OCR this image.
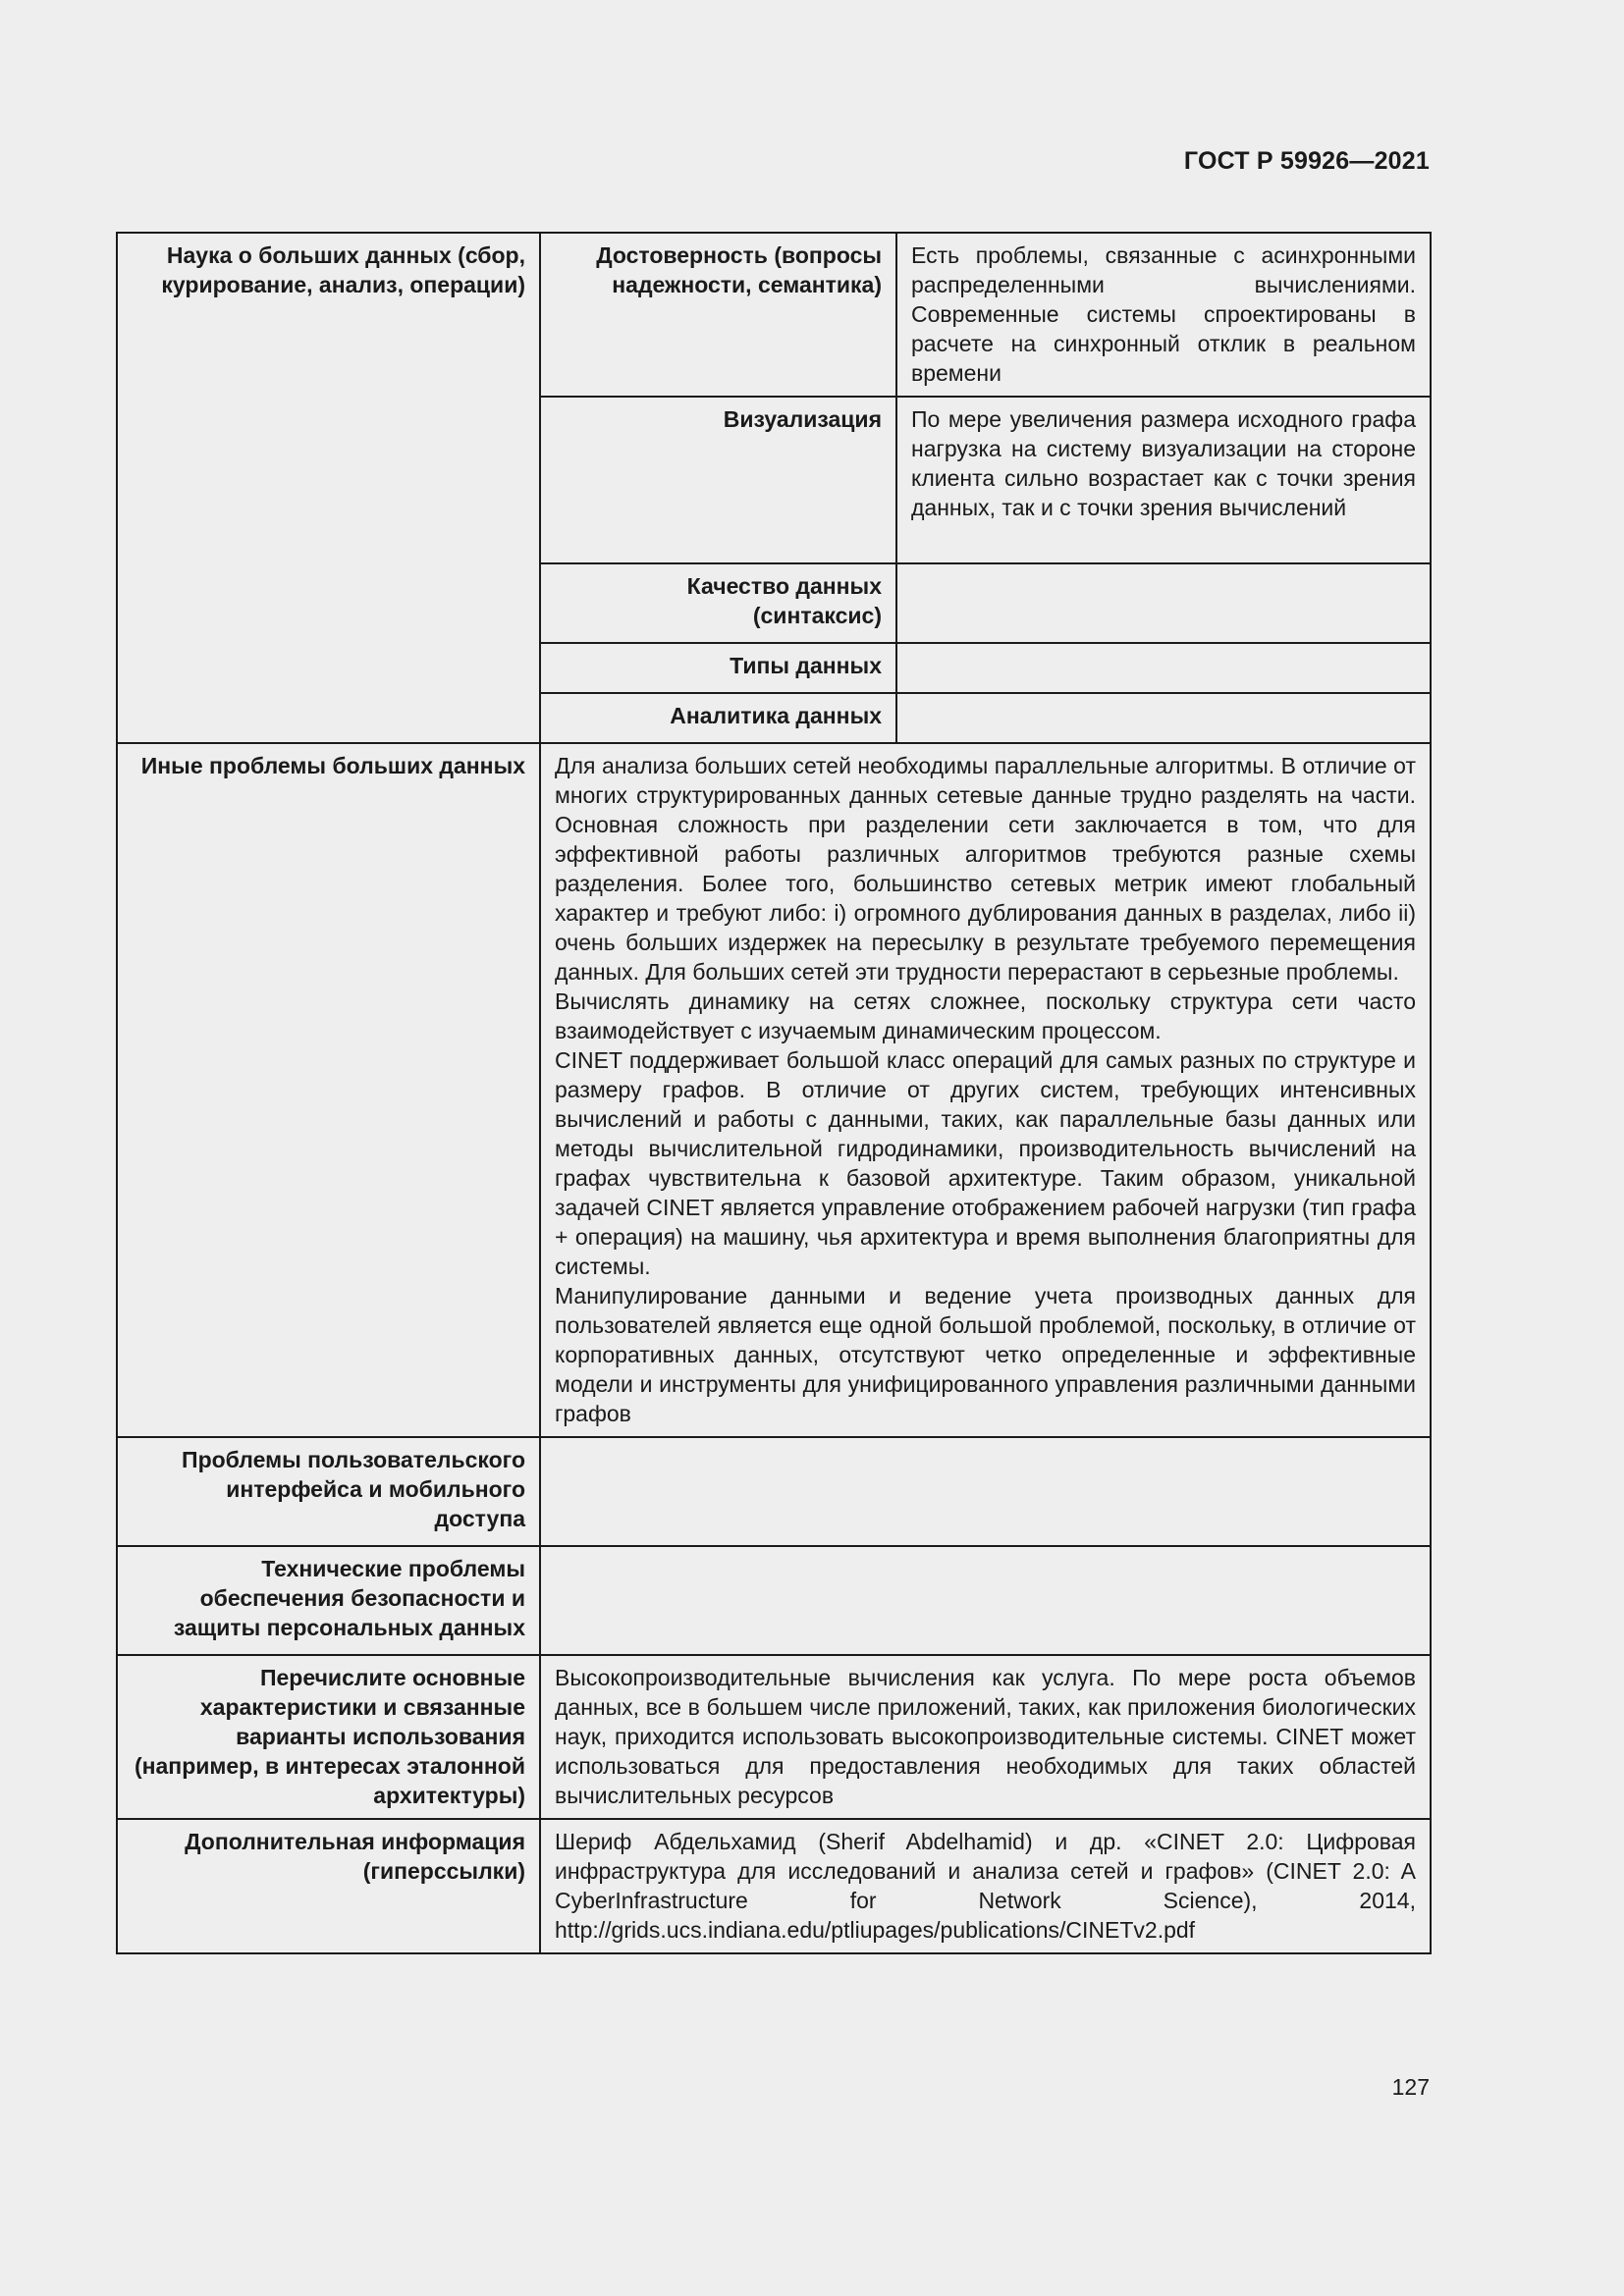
ГОСТ Р 59926—2021
Наука о больших данных (сбор, курирование, анализ, операции)	Достоверность (вопросы надежности, семантика)	Есть проблемы, связанные с асинхронными распределенными вычислениями. Современные системы спроектированы в расчете на синхронный отклик в реальном времени
	Визуализация	По мере увеличения размера исходного графа нагрузка на систему визуализации на стороне клиента сильно возрастает как с точки зрения данных, так и с точки зрения вычислений
	Качество данных (синтаксис)	
	Типы данных	
	Аналитика данных	
Иные проблемы больших данных	Для анализа больших сетей необходимы параллельные алгоритмы. В отличие от многих структурированных данных сетевые данные трудно разделять на части. Основная сложность при разделении сети заключается в том, что для эффективной работы различных алгоритмов требуются разные схемы разделения. Более того, большинство сетевых метрик имеют глобальный характер и требуют либо: i) огромного дублирования данных в разделах, либо ii) очень больших издержек на пересылку в результате требуемого перемещения данных. Для больших сетей эти трудности перерастают в серьезные проблемы.
Вычислять динамику на сетях сложнее, поскольку структура сети часто взаимодействует с изучаемым динамическим процессом.
CINET поддерживает большой класс операций для самых разных по структуре и размеру графов. В отличие от других систем, требующих интенсивных вычислений и работы с данными, таких, как параллельные базы данных или методы вычислительной гидродинамики, производительность вычислений на графах чувствительна к базовой архитектуре. Таким образом, уникальной задачей CINET является управление отображением рабочей нагрузки (тип графа + операция) на машину, чья архитектура и время выполнения благоприятны для системы.
Манипулирование данными и ведение учета производных данных для пользователей является еще одной большой проблемой, поскольку, в отличие от корпоративных данных, отсутствуют четко определенные и эффективные модели и инструменты для унифицированного управления различными данными графов	

Проблемы пользовательского интерфейса и мобильного доступа		
Технические проблемы обеспечения безопасности и защиты персональных данных		
Перечислите основные характеристики и связанные варианты использования (например, в интересах эталонной архитектуры)	Высокопроизводительные вычисления как услуга. По мере роста объемов данных, все в большем числе приложений, таких, как приложения биологических наук, приходится использовать высокопроизводительные системы. CINET может использоваться для предоставления необходимых для таких областей вычислительных ресурсов	
Дополнительная информация (гиперссылки)	Шериф Абдельхамид (Sherif Abdelhamid) и др. «CINET 2.0: Цифровая инфраструктура для исследований и анализа сетей и графов» (CINET 2.0: A CyberInfrastructure for Network Science), 2014, http://grids.ucs.indiana.edu/ptliupages/publications/CINETv2.pdf	
127
